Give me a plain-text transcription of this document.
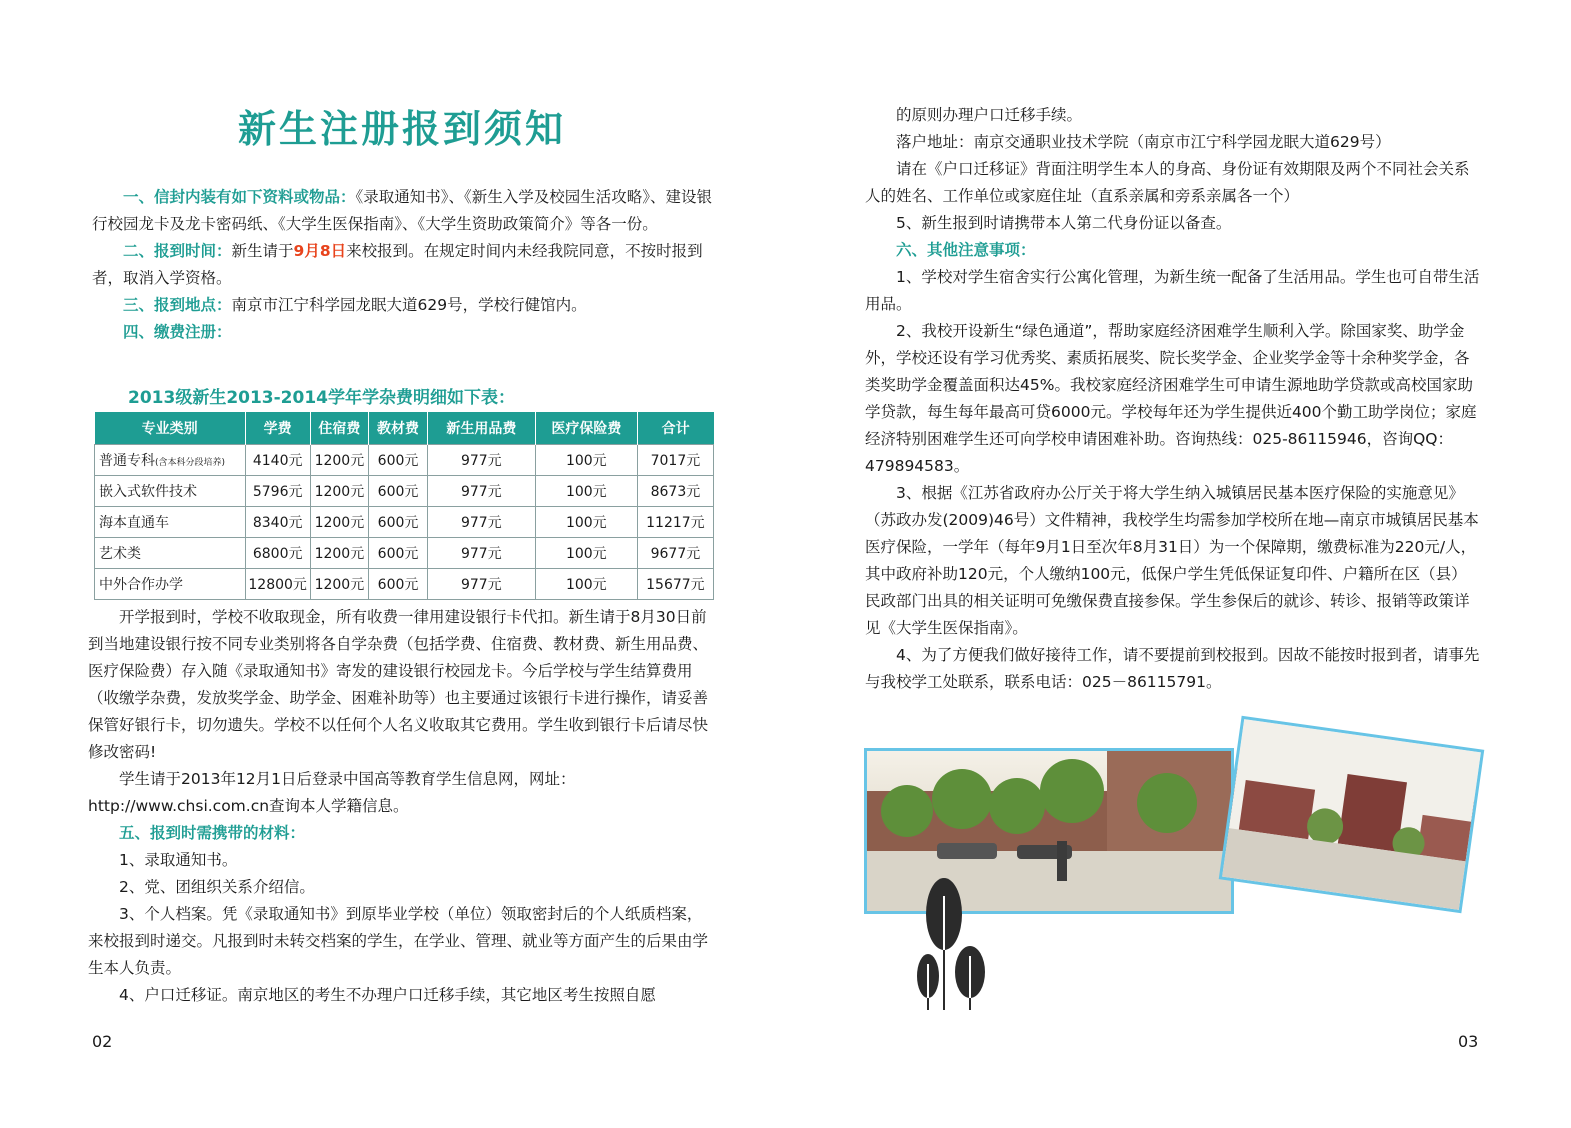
新生注册报到须知

一、信封内装有如下资料或物品：《录取通知书》、《新生入学及校园生活攻略》、建设银行校园龙卡及龙卡密码纸、《大学生医保指南》、《大学生资助政策简介》等各一份。

二、报到时间：新生请于9月8日来校报到。在规定时间内未经我院同意，不按时报到者，取消入学资格。

三、报到地点：南京市江宁科学园龙眠大道629号，学校行健馆内。

四、缴费注册：

2013级新生2013-2014学年学杂费明细如下表：
专业类别	学费	住宿费	教材费	新生用品费	医疗保险费	合计
普通专科(含本科分段培养)	4140元	1200元	600元	977元	100元	7017元
嵌入式软件技术	5796元	1200元	600元	977元	100元	8673元
海本直通车	8340元	1200元	600元	977元	100元	11217元
艺术类	6800元	1200元	600元	977元	100元	9677元
中外合作办学	12800元	1200元	600元	977元	100元	15677元

开学报到时，学校不收取现金，所有收费一律用建设银行卡代扣。新生请于8月30日前到当地建设银行按不同专业类别将各自学杂费（包括学费、住宿费、教材费、新生用品费、医疗保险费）存入随《录取通知书》寄发的建设银行校园龙卡。今后学校与学生结算费用（收缴学杂费，发放奖学金、助学金、困难补助等）也主要通过该银行卡进行操作，请妥善保管好银行卡，切勿遗失。学校不以任何个人名义收取其它费用。学生收到银行卡后请尽快修改密码!

学生请于2013年12月1日后登录中国高等教育学生信息网，网址：http://www.chsi.com.cn查询本人学籍信息。

五、报到时需携带的材料：

1、录取通知书。

2、党、团组织关系介绍信。

3、个人档案。凭《录取通知书》到原毕业学校（单位）领取密封后的个人纸质档案，来校报到时递交。凡报到时未转交档案的学生，在学业、管理、就业等方面产生的后果由学生本人负责。

4、户口迁移证。南京地区的考生不办理户口迁移手续，其它地区考生按照自愿

02

的原则办理户口迁移手续。

落户地址：南京交通职业技术学院（南京市江宁科学园龙眠大道629号）

请在《户口迁移证》背面注明学生本人的身高、身份证有效期限及两个不同社会关系人的姓名、工作单位或家庭住址（直系亲属和旁系亲属各一个）

5、新生报到时请携带本人第二代身份证以备查。

六、其他注意事项：

1、学校对学生宿舍实行公寓化管理，为新生统一配备了生活用品。学生也可自带生活用品。

2、我校开设新生“绿色通道”，帮助家庭经济困难学生顺利入学。除国家奖、助学金外，学校还设有学习优秀奖、素质拓展奖、院长奖学金、企业奖学金等十余种奖学金，各类奖助学金覆盖面积达45%。我校家庭经济困难学生可申请生源地助学贷款或高校国家助学贷款，每生每年最高可贷6000元。学校每年还为学生提供近400个勤工助学岗位；家庭经济特别困难学生还可向学校申请困难补助。咨询热线：025-86115946，咨询QQ：479894583。

3、根据《江苏省政府办公厅关于将大学生纳入城镇居民基本医疗保险的实施意见》（苏政办发(2009)46号）文件精神，我校学生均需参加学校所在地—南京市城镇居民基本医疗保险，一学年（每年9月1日至次年8月31日）为一个保障期，缴费标准为220元/人，其中政府补助120元，个人缴纳100元，低保户学生凭低保证复印件、户籍所在区（县）民政部门出具的相关证明可免缴保费直接参保。学生参保后的就诊、转诊、报销等政策详见《大学生医保指南》。

4、为了方便我们做好接待工作，请不要提前到校报到。因故不能按时报到者，请事先与我校学工处联系，联系电话：025－86115791。

03
